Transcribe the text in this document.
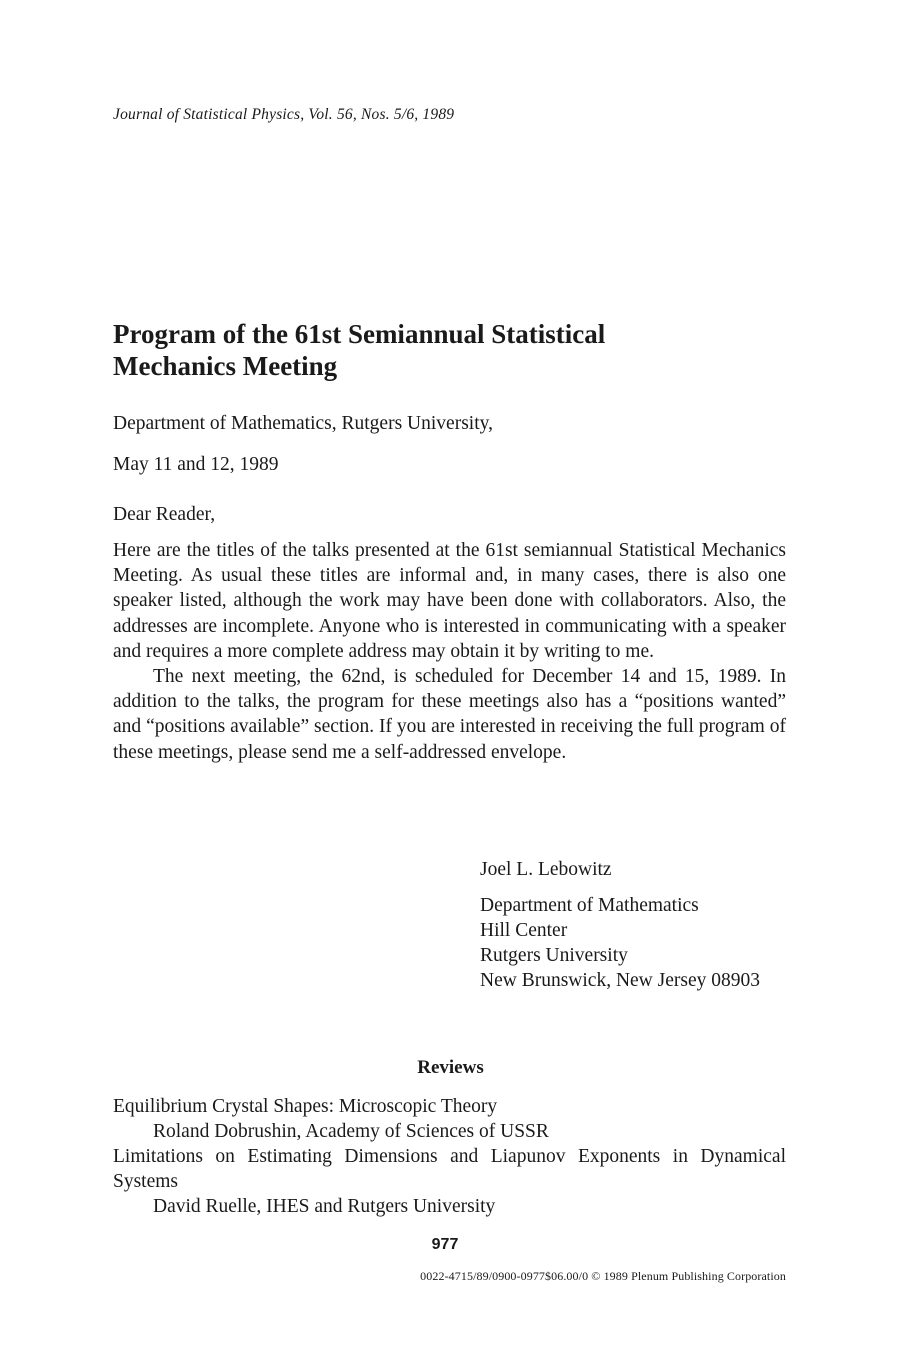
Journal of Statistical Physics, Vol. 56, Nos. 5/6, 1989
Program of the 61st Semiannual Statistical
Mechanics Meeting
Department of Mathematics, Rutgers University,
May 11 and 12, 1989
Dear Reader,

Here are the titles of the talks presented at the 61st semiannual Statistical Mechanics Meeting. As usual these titles are informal and, in many cases, there is also one speaker listed, although the work may have been done with collaborators. Also, the addresses are incomplete. Anyone who is interested in communicating with a speaker and requires a more complete address may obtain it by writing to me.

The next meeting, the 62nd, is scheduled for December 14 and 15, 1989. In addition to the talks, the program for these meetings also has a “positions wanted” and “positions available” section. If you are interested in receiving the full program of these meetings, please send me a self-addressed envelope.

Joel L. Lebowitz
Department of Mathematics
Hill Center
Rutgers University
New Brunswick, New Jersey 08903
Reviews
Equilibrium Crystal Shapes: Microscopic Theory
Roland Dobrushin, Academy of Sciences of USSR
Limitations on Estimating Dimensions and Liapunov Exponents in Dynamical Systems
David Ruelle, IHES and Rutgers University
977
0022-4715/89/0900-0977$06.00/0 © 1989 Plenum Publishing Corporation
